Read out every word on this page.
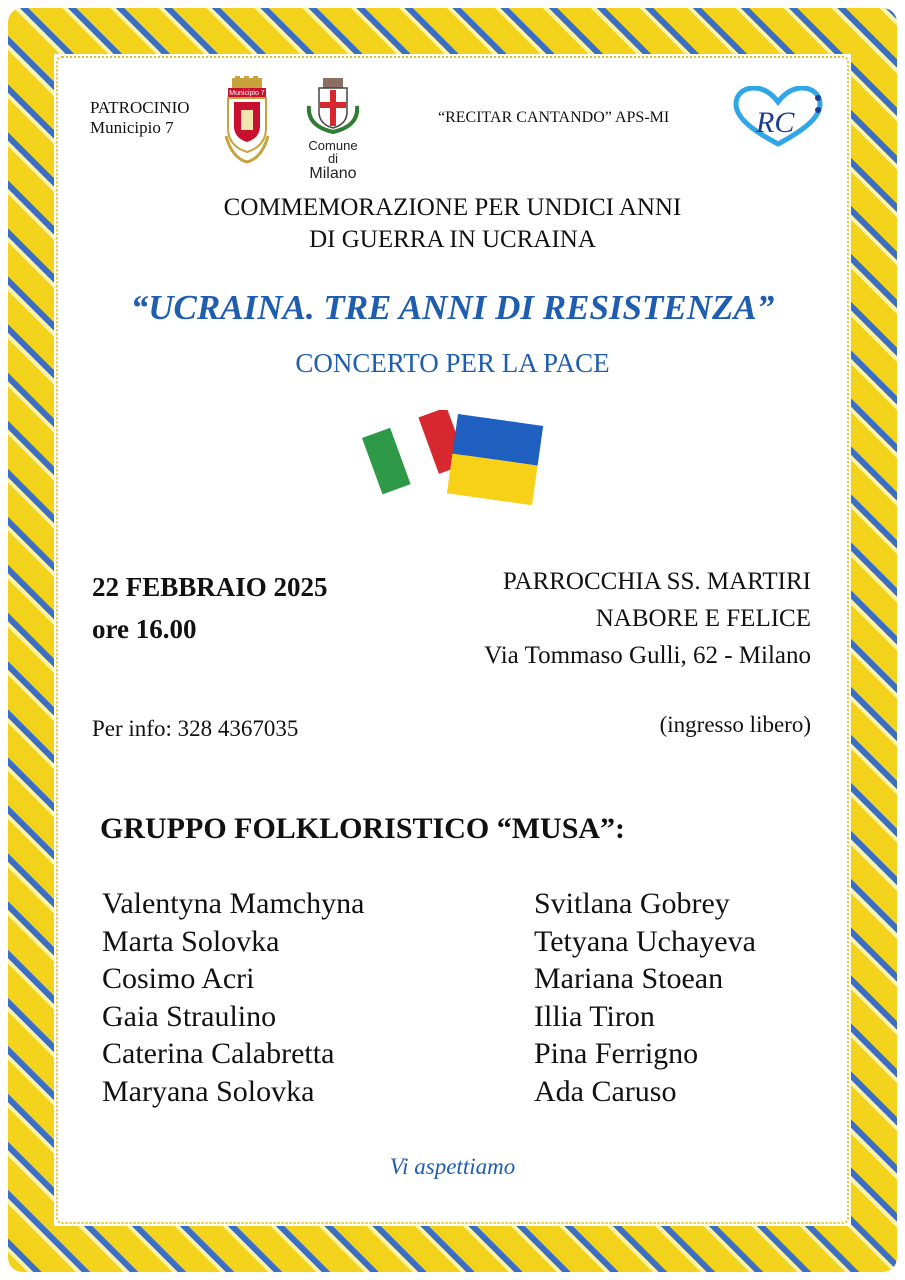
PATROCINIO
Municipio 7
Municipio 7
Comune di
Milano
“RECITAR CANTANDO” APS-MI	RC
COMMEMORAZIONE PER UNDICI ANNI
DI GUERRA IN UCRAINA
“UCRAINA. TRE ANNI DI RESISTENZA”
CONCERTO PER LA PACE
22 FEBBRAIO 2025
ore 16.00
PARROCCHIA SS. MARTIRI
NABORE E FELICE
Via Tommaso Gulli, 62 - Milano
Per info: 328 4367035	(ingresso libero)
GRUPPO FOLKLORISTICO “MUSA”:
Valentyna Mamchyna
Marta Solovka
Cosimo Acri
Gaia Straulino
Caterina Calabretta
Maryana Solovka
Svitlana Gobrey
Tetyana Uchayeva
Mariana Stoean
Illia Tiron
Pina Ferrigno
Ada Caruso
Vi aspettiamo
